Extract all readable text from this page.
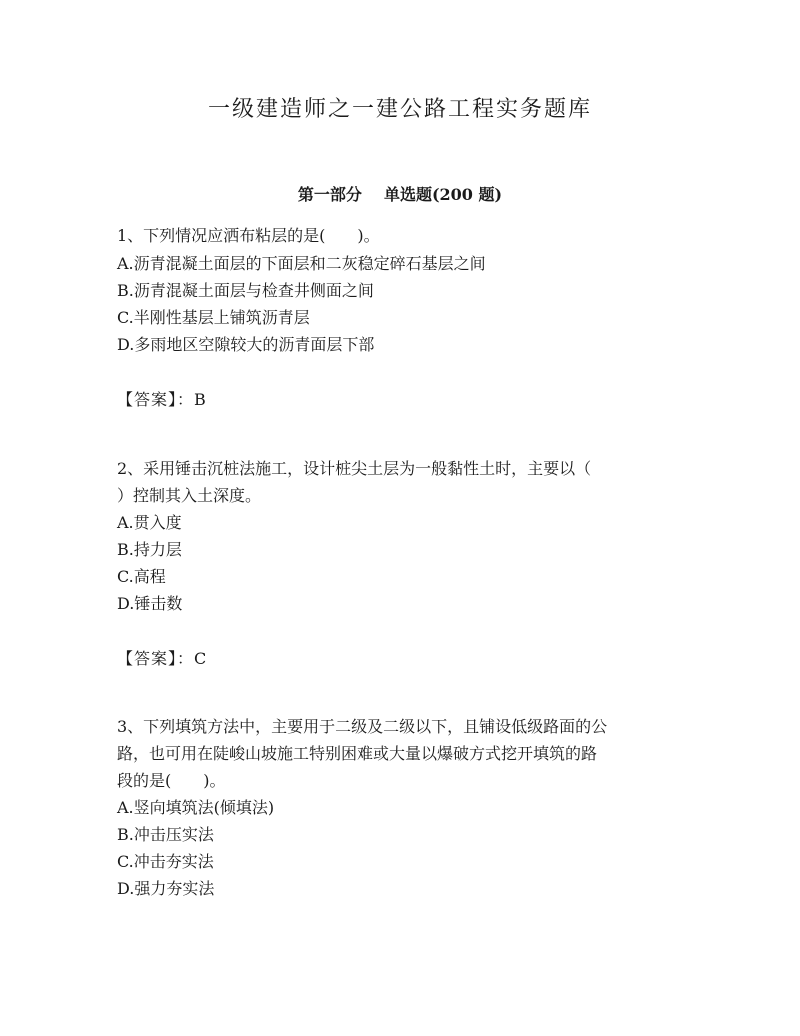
一级建造师之一建公路工程实务题库
第一部分 单选题(200 题)
1、下列情况应洒布粘层的是(　　)。
A.沥青混凝土面层的下面层和二灰稳定碎石基层之间
B.沥青混凝土面层与检查井侧面之间
C.半刚性基层上铺筑沥青层
D.多雨地区空隙较大的沥青面层下部
【答案】：B
2、采用锤击沉桩法施工，设计桩尖土层为一般黏性土时，主要以（
）控制其入土深度。
A.贯入度
B.持力层
C.高程
D.锤击数
【答案】：C
3、下列填筑方法中，主要用于二级及二级以下，且铺设低级路面的公
路，也可用在陡峻山坡施工特别困难或大量以爆破方式挖开填筑的路
段的是(　　)。
A.竖向填筑法(倾填法)
B.冲击压实法
C.冲击夯实法
D.强力夯实法
